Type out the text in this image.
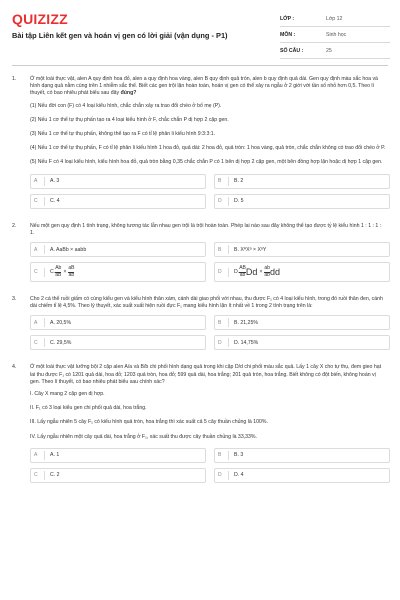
QUIZIZZ
Bài tập Liên kết gen và hoán vị gen có lời giải (vận dụng - P1)
LỚP :	Lớp 12
MÔN :	Sinh học
SỐ CÂU :	25
1.	Ở một loài thực vật, alen A quy định hoa đỏ, alen a quy định hoa vàng, alen B quy định quả tròn, alen b quy định quả dài. Gen quy định màu sắc hoa và hình dạng quả nằm cùng trên 1 nhiễm sắc thể. Biết các gen trội lặn hoàn toàn, hoán vị gen có thể xảy ra ngẫu ở 2 giới với tần số nhỏ hơn 0,5. Theo lí thuyết, có bao nhiêu phát biểu sau đây đúng?

(1) Nếu đời con (F) có 4 loại kiểu hình, chắc chắn xảy ra trao đổi chéo ở bố mẹ (P).

(2) Nếu 1 cơ thể tự thụ phấn tạo ra 4 loại kiểu hình ở F, chắc chắn P dị hợp 2 cặp gen.

(3) Nếu 1 cơ thể tự thụ phấn, không thể tạo ra F có tỉ lệ phân li kiểu hình 9:3:3:1.

(4) Nếu 1 cơ thể tự thụ phấn, F có tỉ lệ phân li kiểu hình 1 hoa đỏ, quả dài: 2 hoa đỏ, quả tròn: 1 hoa vàng, quả tròn, chắc chắn không có trao đổi chéo ở P.

(5) Nếu F có 4 loại kiểu hình, kiểu hình hoa đỏ, quả tròn bằng 0,35 chắc chắn P có 1 bên dị hợp 2 cặp gen, một bên đồng hợp lặn hoặc dị hợp 1 cặp gen.

A	A. 3	B	B. 2
C	C. 4	D	D. 5
2.	Nếu một gen quy định 1 tính trạng, không tương tác lẫn nhau gen trội là trội hoàn toàn. Phép lai nào sau đây không thể tạo được tỷ lệ kiểu hình 1 : 1 : 1 : 1.

A	A. AaBb × aabb	B	B. XᴬXᵃ × XᵃY
C	C. $\frac{Ab}{aB} \times \frac{aB}{ab}$	D	D. $\frac{AB}{ab}$ $Dd \times \frac{ab}{ab}$ dd
3.	Cho 2 cá thể ruồi giấm có cùng kiểu gen và kiểu hình thân xám, cánh dài giao phối với nhau, thu được F₁ có 4 loại kiểu hình, trong đó ruồi thân đen, cánh dài chiếm tỉ lệ 4,5%. Theo lý thuyết, xác suất xuất hiện ruồi đực F₁ mang kiểu hình lặn ít nhất về 1 trong 2 tính trạng trên là:

A	A. 20,5%	B	B. 21,25%
C	C. 29,5%	D	D. 14,75%
4.	Ở một loài thực vật lưỡng bội 2 cặp alen A/a và B/b chi phối hình dạng quả trong khi cặp D/d chi phối màu sắc quả. Lấy 1 cây X cho tự thụ, đem gieo hạt lai thu được F₁ có 1201 quả dài, hoa đỏ; 1203 quả tròn, hoa đỏ; 599 quả dài, hoa trắng; 201 quả tròn, hoa trắng. Biết không có đột biến, không hoán vị gen. Theo lí thuyết, có bao nhiêu phát biểu sau chính xác?

I. Cây X mang 2 cặp gen dị hợp.

II. F₁ có 3 loại kiểu gen chi phối quả dài, hoa trắng.

III. Lấy ngẫu nhiên 5 cây F₁ có kiểu hình quả tròn, hoa trắng thì xác suất cả 5 cây thuần chủng là 100%.

IV. Lấy ngẫu nhiên một cây quả dài, hoa trắng ở F₁, xác suất thu được cây thuần chủng là 33,33%.

A	A. 1	B	B. 3
C	C. 2	D	D. 4
